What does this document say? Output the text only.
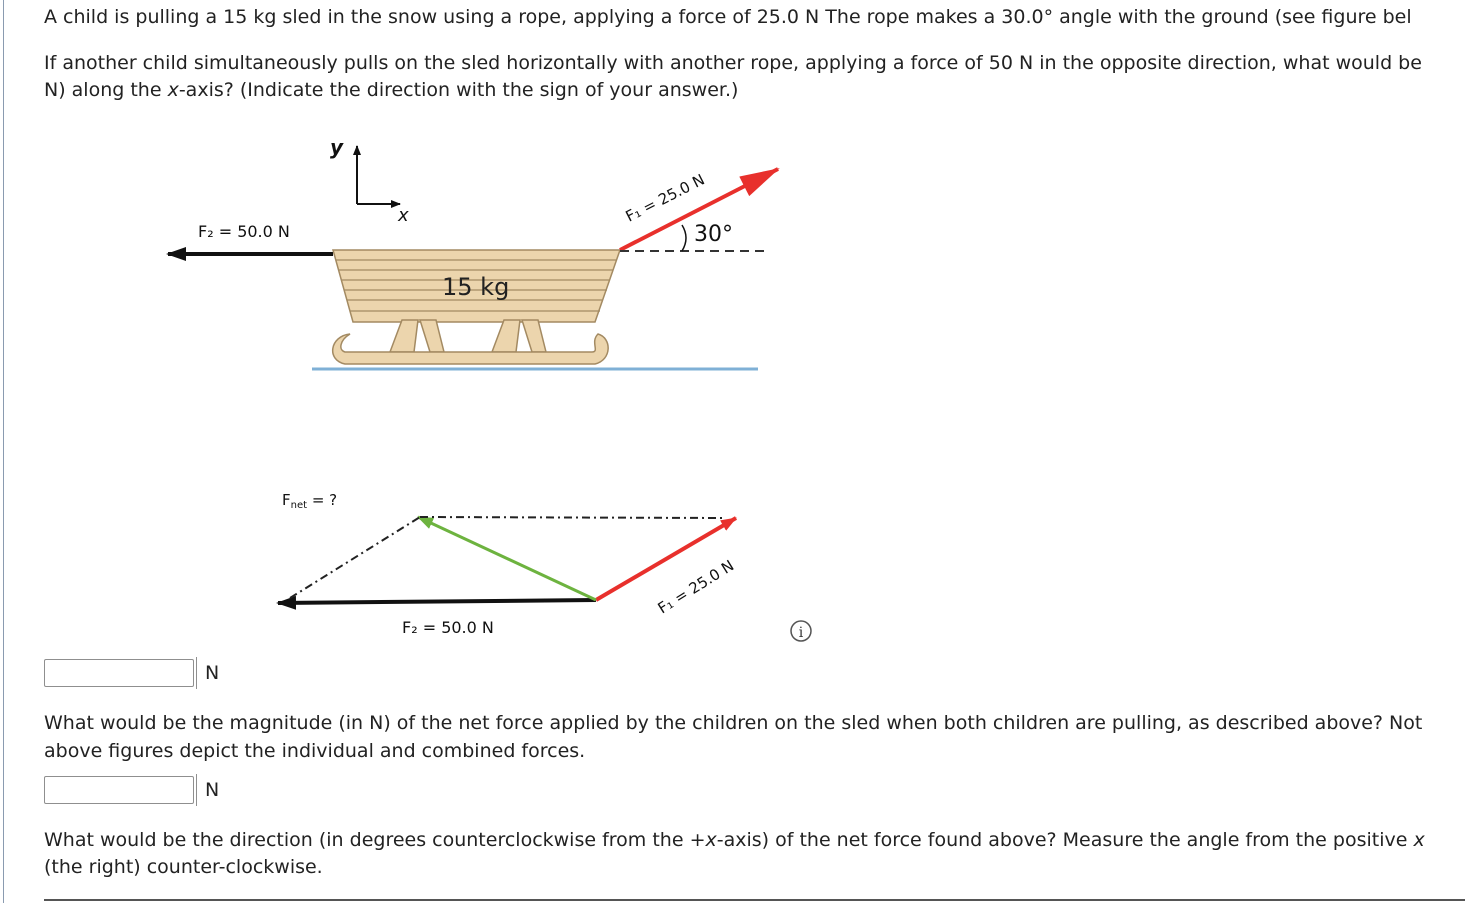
A child is pulling a 15 kg sled in the snow using a rope, applying a force of 25.0 N The rope makes a 30.0° angle with the ground (see figure bel
If another child simultaneously pulls on the sled horizontally with another rope, applying a force of 50 N in the opposite direction, what would be
N) along the x-axis? (Indicate the direction with the sign of your answer.)
y
x
F₂ = 50.0 N
15 kg
30°
F₁ = 25.0 N
$F_{net}$ = ?
F₂ = 50.0 N
F₁ = 25.0 N
i
N
What would be the magnitude (in N) of the net force applied by the children on the sled when both children are pulling, as described above? Not
above figures depict the individual and combined forces.
N
What would be the direction (in degrees counterclockwise from the +x-axis) of the net force found above? Measure the angle from the positive x
(the right) counter-clockwise.
